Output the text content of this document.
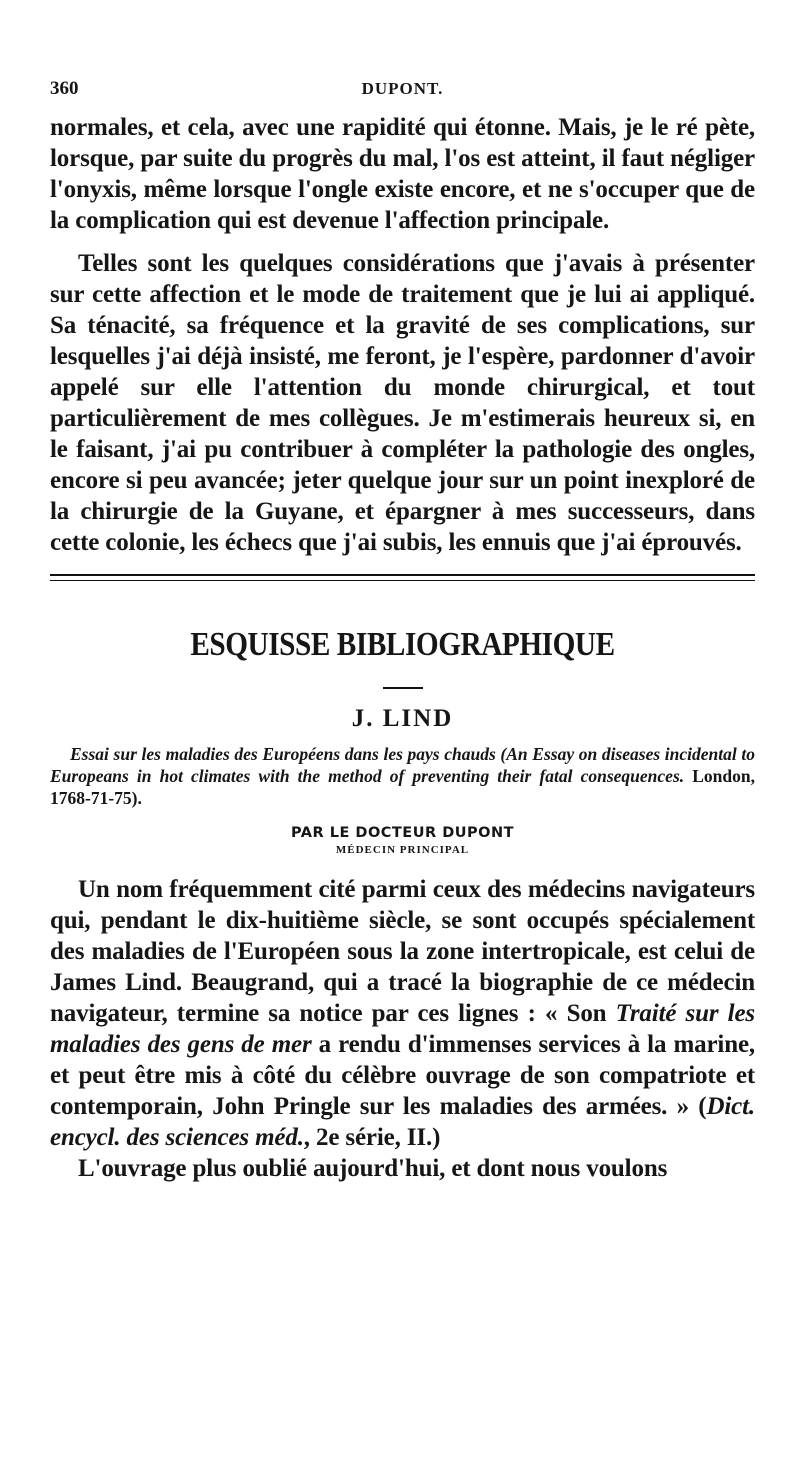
360	DUPONT.

normales, et cela, avec une rapidité qui étonne. Mais, je le ré pète, lorsque, par suite du progrès du mal, l'os est atteint, il faut négliger l'onyxis, même lorsque l'ongle existe encore, et ne s'occuper que de la complication qui est devenue l'affection principale.

Telles sont les quelques considérations que j'avais à présenter sur cette affection et le mode de traitement que je lui ai appliqué. Sa ténacité, sa fréquence et la gravité de ses complications, sur lesquelles j'ai déjà insisté, me feront, je l'espère, pardonner d'avoir appelé sur elle l'attention du monde chirurgical, et tout particulièrement de mes collègues. Je m'estimerais heureux si, en le faisant, j'ai pu contribuer à compléter la pathologie des ongles, encore si peu avancée; jeter quelque jour sur un point inexploré de la chirurgie de la Guyane, et épargner à mes successeurs, dans cette colonie, les échecs que j'ai subis, les ennuis que j'ai éprouvés.

ESQUISSE BIBLIOGRAPHIQUE
J. LIND
Essai sur les maladies des Européens dans les pays chauds (An Essay on diseases incidental to Europeans in hot climates with the method of preventing their fatal consequences. London, 1768-71-75).
PAR LE DOCTEUR DUPONT
MÉDECIN PRINCIPAL

Un nom fréquemment cité parmi ceux des médecins navigateurs qui, pendant le dix-huitième siècle, se sont occupés spécialement des maladies de l'Européen sous la zone intertropicale, est celui de James Lind. Beaugrand, qui a tracé la biographie de ce médecin navigateur, termine sa notice par ces lignes : « Son Traité sur les maladies des gens de mer a rendu d'immenses services à la marine, et peut être mis à côté du célèbre ouvrage de son compatriote et contemporain, John Pringle sur les maladies des armées. » (Dict. encycl. des sciences méd., 2e série, II.)

L'ouvrage plus oublié aujourd'hui, et dont nous voulons
